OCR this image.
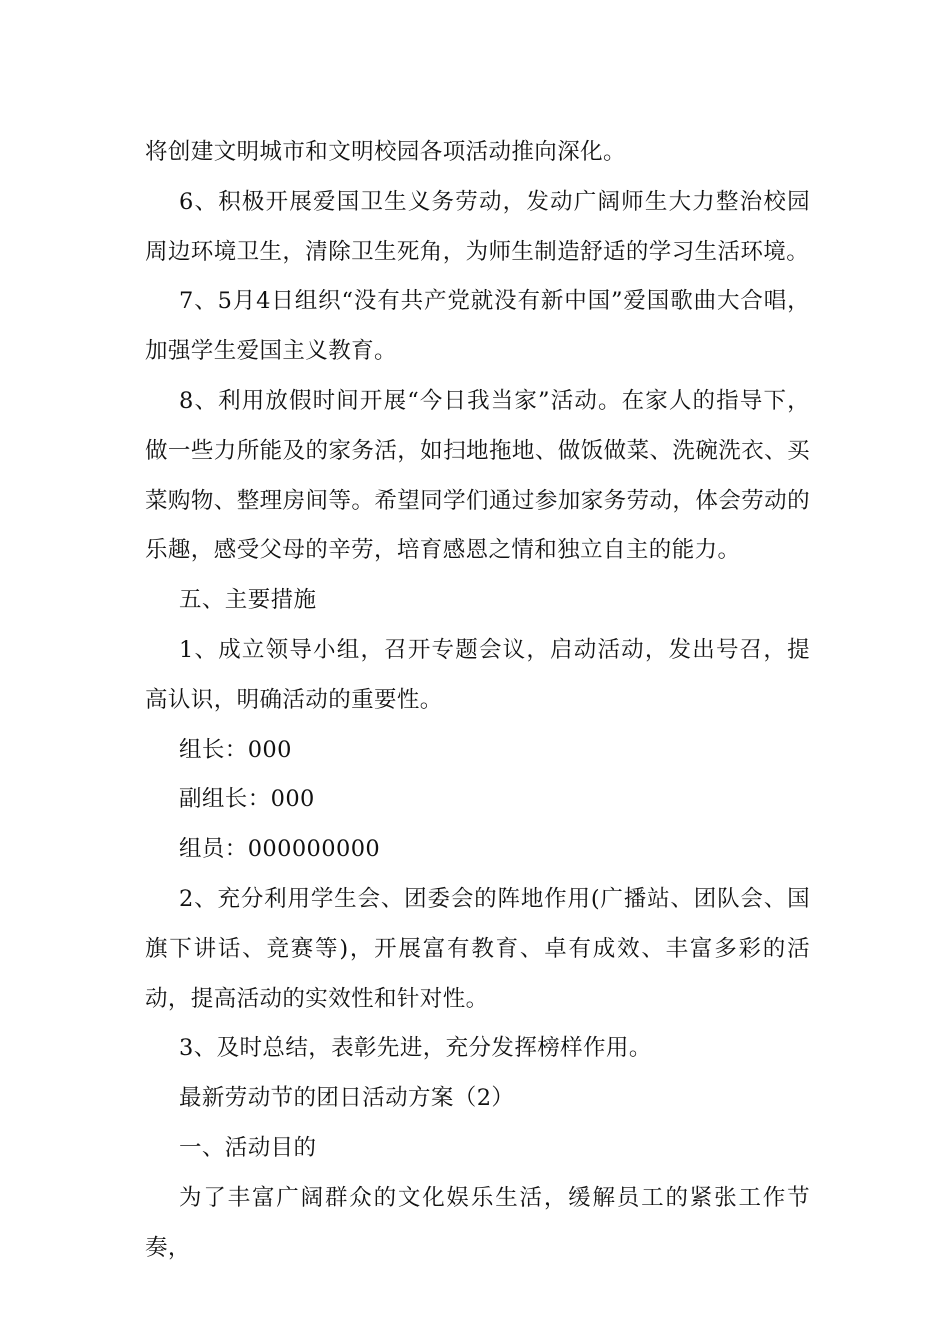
将创建文明城市和文明校园各项活动推向深化。

6、积极开展爱国卫生义务劳动，发动广阔师生大力整治校园周边环境卫生，清除卫生死角，为师生制造舒适的学习生活环境。

7、5月4日组织“没有共产党就没有新中国”爱国歌曲大合唱，加强学生爱国主义教育。

8、利用放假时间开展“今日我当家”活动。在家人的指导下，做一些力所能及的家务活，如扫地拖地、做饭做菜、洗碗洗衣、买菜购物、整理房间等。希望同学们通过参加家务劳动，体会劳动的乐趣，感受父母的辛劳，培育感恩之情和独立自主的能力。

五、主要措施

1、成立领导小组，召开专题会议，启动活动，发出号召，提高认识，明确活动的重要性。

组长：000

副组长：000

组员：000000000

2、充分利用学生会、团委会的阵地作用(广播站、团队会、国旗下讲话、竞赛等)，开展富有教育、卓有成效、丰富多彩的活动，提高活动的实效性和针对性。

3、及时总结，表彰先进，充分发挥榜样作用。

最新劳动节的团日活动方案（2）

一、活动目的

为了丰富广阔群众的文化娱乐生活，缓解员工的紧张工作节奏，
